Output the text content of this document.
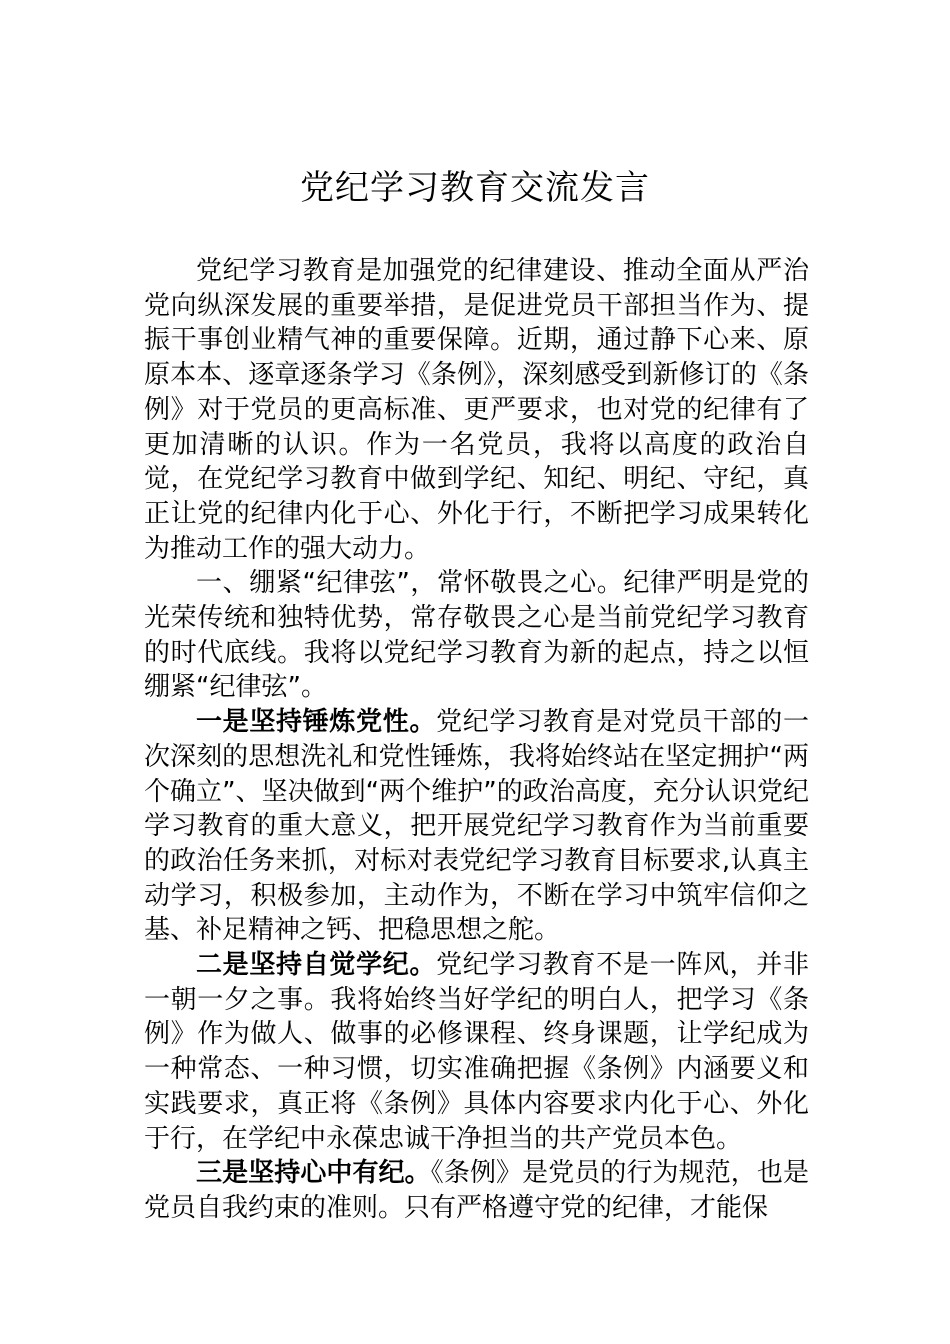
党纪学习教育交流发言

党纪学习教育是加强党的纪律建设、推动全面从严治党向纵深发展的重要举措，是促进党员干部担当作为、提振干事创业精气神的重要保障。近期，通过静下心来、原原本本、逐章逐条学习《条例》，深刻感受到新修订的《条例》对于党员的更高标准、更严要求，也对党的纪律有了更加清晰的认识。作为一名党员，我将以高度的政治自觉，在党纪学习教育中做到学纪、知纪、明纪、守纪，真正让党的纪律内化于心、外化于行，不断把学习成果转化为推动工作的强大动力。

一、绷紧“纪律弦”，常怀敬畏之心。纪律严明是党的光荣传统和独特优势，常存敬畏之心是当前党纪学习教育的时代底线。我将以党纪学习教育为新的起点，持之以恒绷紧“纪律弦”。

一是坚持锤炼党性。党纪学习教育是对党员干部的一次深刻的思想洗礼和党性锤炼，我将始终站在坚定拥护“两个确立”、坚决做到“两个维护”的政治高度，充分认识党纪学习教育的重大意义，把开展党纪学习教育作为当前重要的政治任务来抓，对标对表党纪学习教育目标要求,认真主动学习，积极参加，主动作为，不断在学习中筑牢信仰之基、补足精神之钙、把稳思想之舵。

二是坚持自觉学纪。党纪学习教育不是一阵风，并非一朝一夕之事。我将始终当好学纪的明白人，把学习《条例》作为做人、做事的必修课程、终身课题，让学纪成为一种常态、一种习惯，切实准确把握《条例》内涵要义和实践要求，真正将《条例》具体内容要求内化于心、外化于行，在学纪中永葆忠诚干净担当的共产党员本色。

三是坚持心中有纪。《条例》是党员的行为规范，也是党员自我约束的准则。只有严格遵守党的纪律，才能保
